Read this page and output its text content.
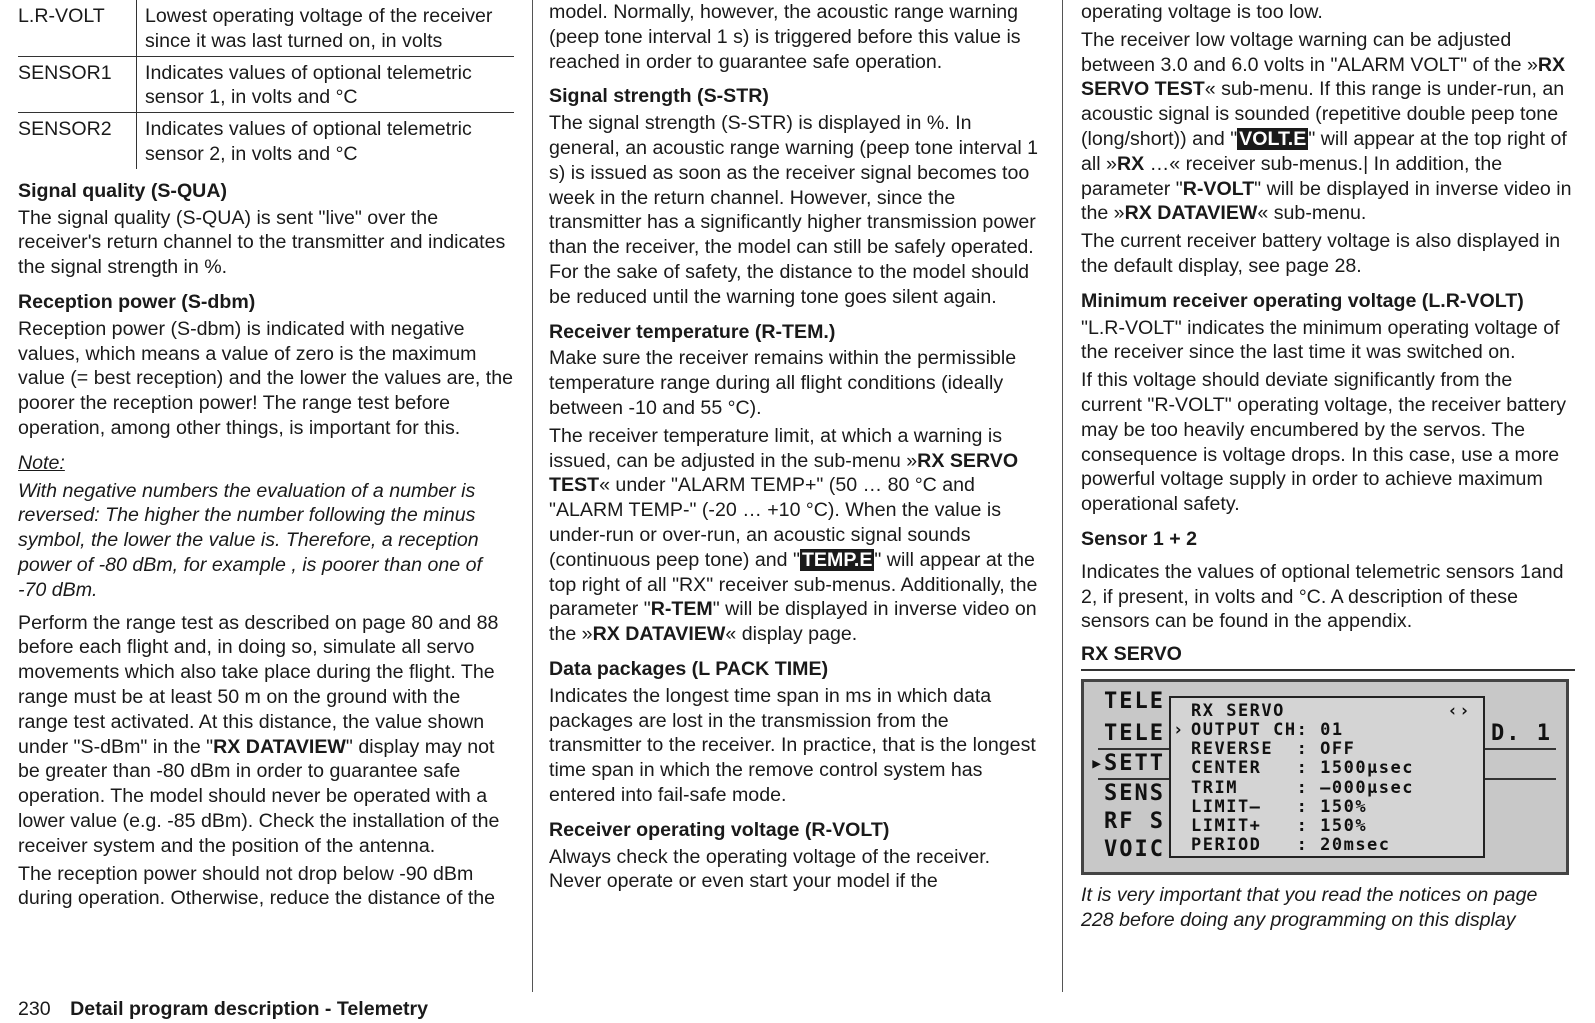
L.R-VOLT	Lowest operating voltage of the receiver since it was last turned on, in volts
SENSOR1	Indicates values of optional telemetric sensor 1, in volts and °C
SENSOR2	Indicates values of optional telemetric sensor 2, in volts and °C
Signal quality (S-QUA)

The signal quality (S-QUA) is sent "live" over the receiver's return channel to the transmitter and indicates the signal strength in %.

Reception power (S-dbm)

Reception power (S-dbm) is indicated with negative values, which means a value of zero is the maximum value (= best reception) and the lower the values are, the poorer the reception power! The range test before operation, among other things, is important for this.

Note:

With negative numbers the evaluation of a number is reversed: The higher the number following the minus symbol, the lower the value is. Therefore, a reception power of -80 dBm, for example , is poorer than one of -70 dBm.

Perform the range test as described on page 80 and 88 before each flight and, in doing so, simulate all servo movements which also take place during the flight. The range must be at least 50 m on the ground with the range test activated. At this distance, the value shown under "S-dBm" in the "RX DATAVIEW" display may not be greater than -80 dBm in order to guarantee safe operation. The model should never be operated with a lower value (e.g. -85 dBm). Check the installation of the receiver system and the position of the antenna.

The reception power should not drop below -90 dBm during operation. Otherwise, reduce the distance of the

model. Normally, however, the acoustic range warning (peep tone interval 1 s) is triggered before this value is reached in order to guarantee safe operation.

Signal strength (S-STR)

The signal strength (S-STR) is displayed in %. In general, an acoustic range warning (peep tone interval 1 s) is issued as soon as the receiver signal becomes too week in the return channel. However, since the transmitter has a significantly higher transmission power than the receiver, the model can still be safely operated. For the sake of safety, the distance to the model should be reduced until the warning tone goes silent again.

Receiver temperature (R-TEM.)

Make sure the receiver remains within the permissible temperature range during all flight conditions (ideally between -10 and 55 °C).

The receiver temperature limit, at which a warning is issued, can be adjusted in the sub-menu »RX SERVO TEST« under "ALARM TEMP+" (50 … 80 °C and "ALARM TEMP-" (-20 … +10 °C). When the value is under-run or over-run, an acoustic signal sounds (continuous peep tone) and " TEMP.E " will appear at the top right of all "RX" receiver sub-menus. Additionally, the parameter "R-TEM" will be displayed in inverse video on the »RX DATAVIEW« display page.

Data packages (L PACK TIME)

Indicates the longest time span in ms in which data packages are lost in the transmission from the transmitter to the receiver. In practice, that is the longest time span in which the remove control system has entered into fail-safe mode.

Receiver operating voltage (R-VOLT)

Always check the operating voltage of the receiver. Never operate or even start your model if the

operating voltage is too low.

The receiver low voltage warning can be adjusted between 3.0 and 6.0 volts in "ALARM VOLT" of the »RX SERVO TEST« sub-menu. If this range is under-run, an acoustic signal is sounded (repetitive double peep tone (long/short)) and " VOLT.E " will appear at the top right of all »RX …« receiver sub-menus.| In addition, the parameter "R-VOLT" will be displayed in inverse video in the »RX DATAVIEW« sub-menu.

The current receiver battery voltage is also displayed in the default display, see page 28.

Minimum receiver operating voltage (L.R-VOLT)

"L.R-VOLT" indicates the minimum operating voltage of the receiver since the last time it was switched on.

If this voltage should deviate significantly from the current "R-VOLT" operating voltage, the receiver battery may be too heavily encumbered by the servos. The consequence is voltage drops. In this case, use a more powerful voltage supply in order to achieve maximum operational safety.

Sensor 1 + 2

Indicates the values of optional telemetric sensors 1and 2, if present, in volts and °C. A description of these sensors can be found in the appendix.

RX SERVO
TELE
TELE	D. 1
▸
SETT
SENS
RF S
VOIC
‹›
RX SERVO
› OUTPUT CH: 01
REVERSE  : OFF
CENTER   : 1500µsec
TRIM     : –000µsec
LIMIT–   : 150%
LIMIT+   : 150%
PERIOD   : 20msec

It is very important that you read the notices on page 228 before doing any programming on this display

230 Detail program description - Telemetry
